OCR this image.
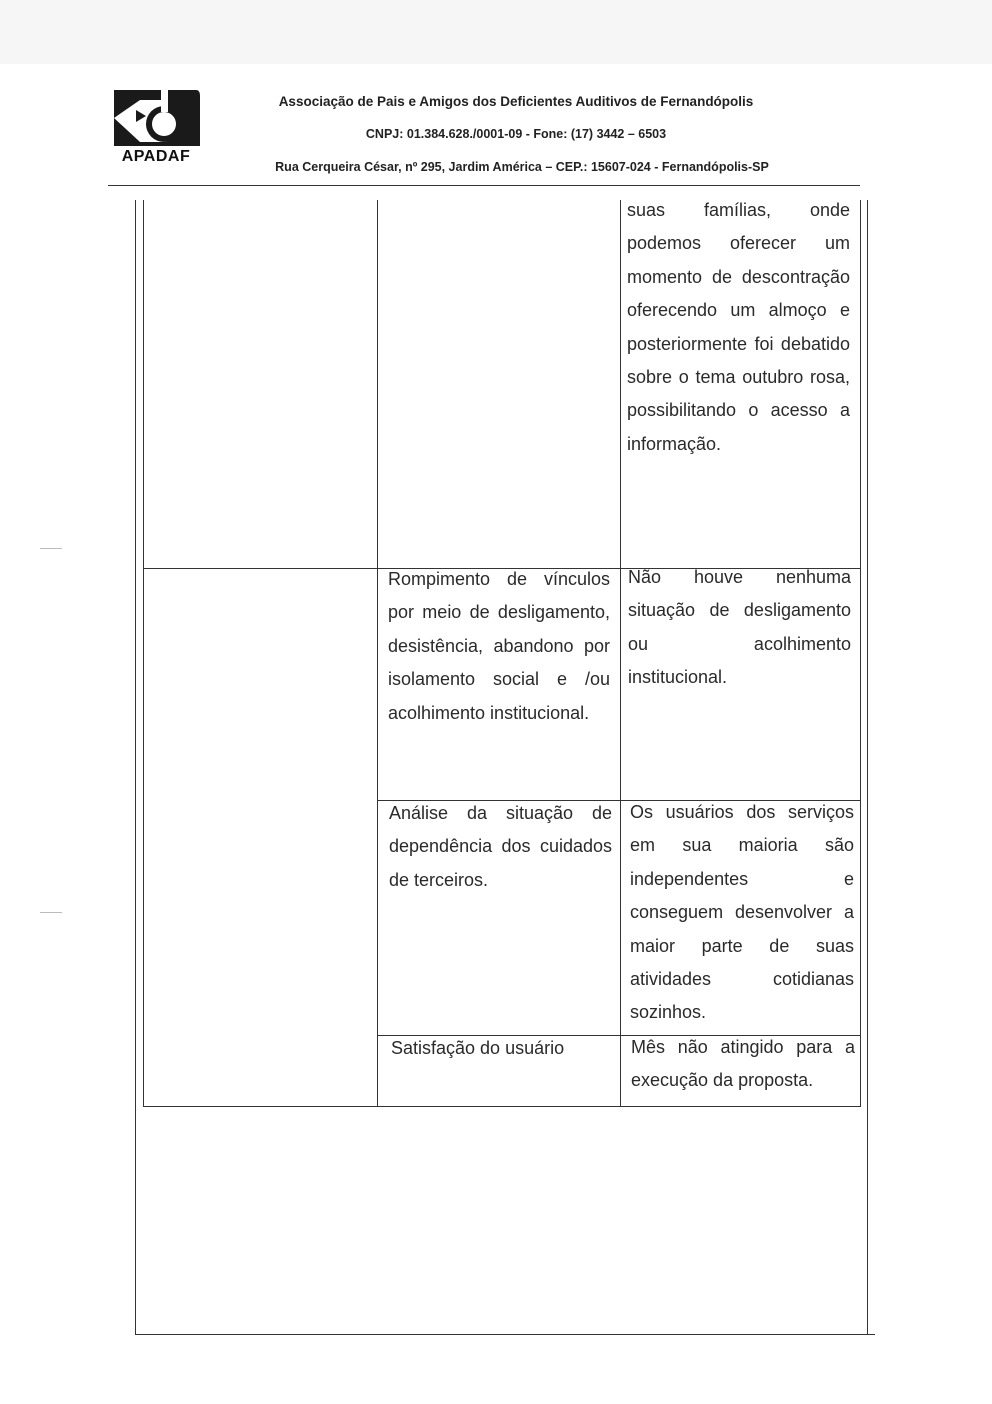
APADAF
Associação de Pais e Amigos dos Deficientes Auditivos de Fernandópolis
CNPJ: 01.384.628./0001-09 - Fone: (17) 3442 – 6503
Rua Cerqueira César, nº 295, Jardim América – CEP.: 15607-024 - Fernandópolis-SP
suas famílias, onde podemos oferecer um momento de descontração oferecendo um almoço e posteriormente foi debatido sobre o tema outubro rosa, possibilitando o acesso a informação.
Rompimento de vínculos por meio de desligamento, desistência, abandono por isolamento social e /ou acolhimento institucional.
Não houve nenhuma situação de desligamento ou acolhimento institucional.
Análise da situação de dependência dos cuidados de terceiros.
Os usuários dos serviços em sua maioria são independentes e conseguem desenvolver a maior parte de suas atividades cotidianas sozinhos.
Satisfação do usuário	Mês não atingido para a execução da proposta.
